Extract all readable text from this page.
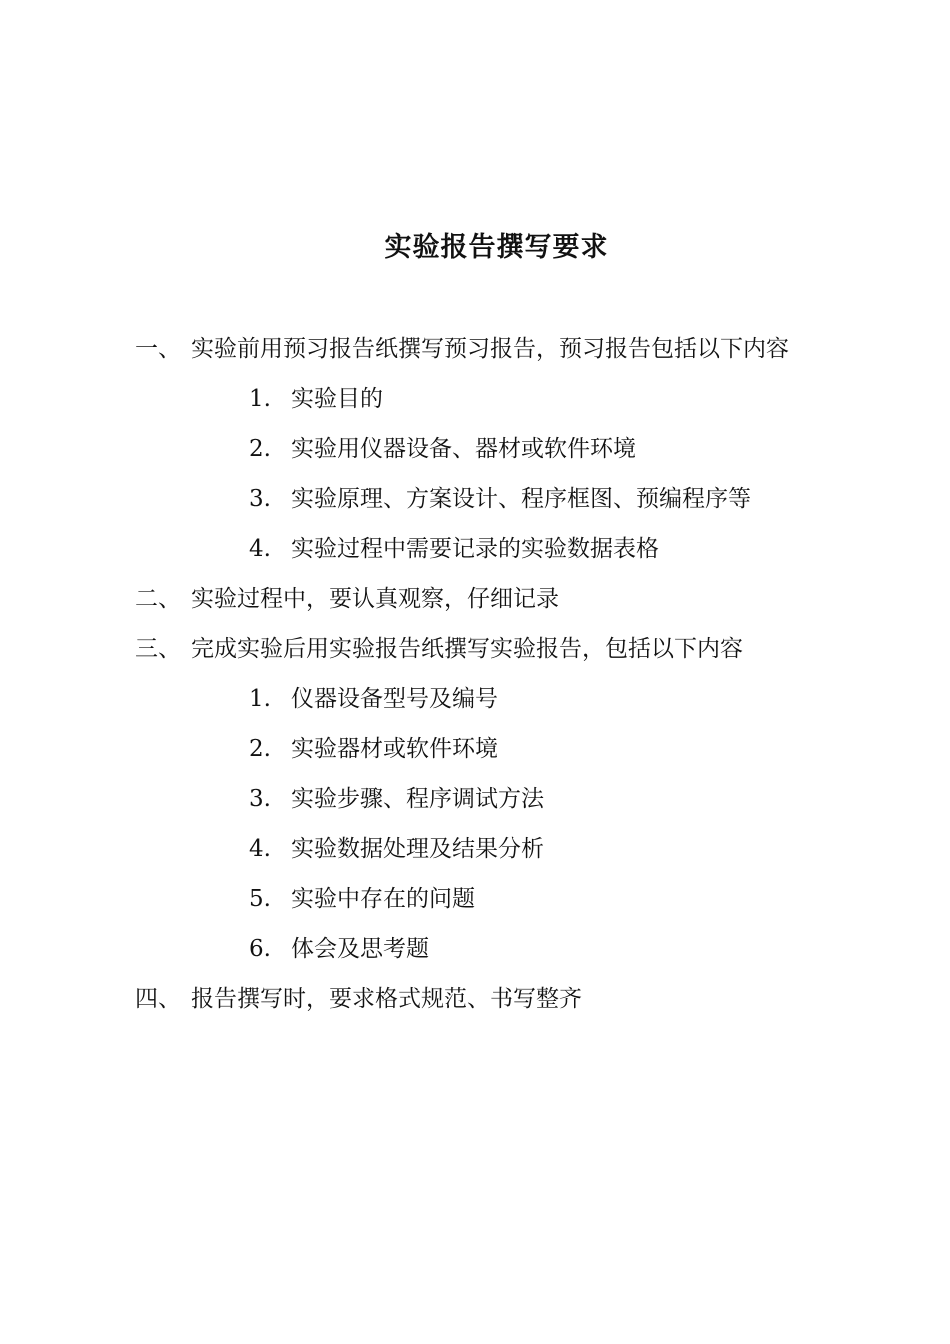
实验报告撰写要求
一、 实验前用预习报告纸撰写预习报告，预习报告包括以下内容
1. 实验目的
2. 实验用仪器设备、器材或软件环境
3. 实验原理、方案设计、程序框图、预编程序等
4. 实验过程中需要记录的实验数据表格
二、 实验过程中，要认真观察，仔细记录
三、 完成实验后用实验报告纸撰写实验报告，包括以下内容
1. 仪器设备型号及编号
2. 实验器材或软件环境
3. 实验步骤、程序调试方法
4. 实验数据处理及结果分析
5. 实验中存在的问题
6. 体会及思考题
四、 报告撰写时，要求格式规范、书写整齐
